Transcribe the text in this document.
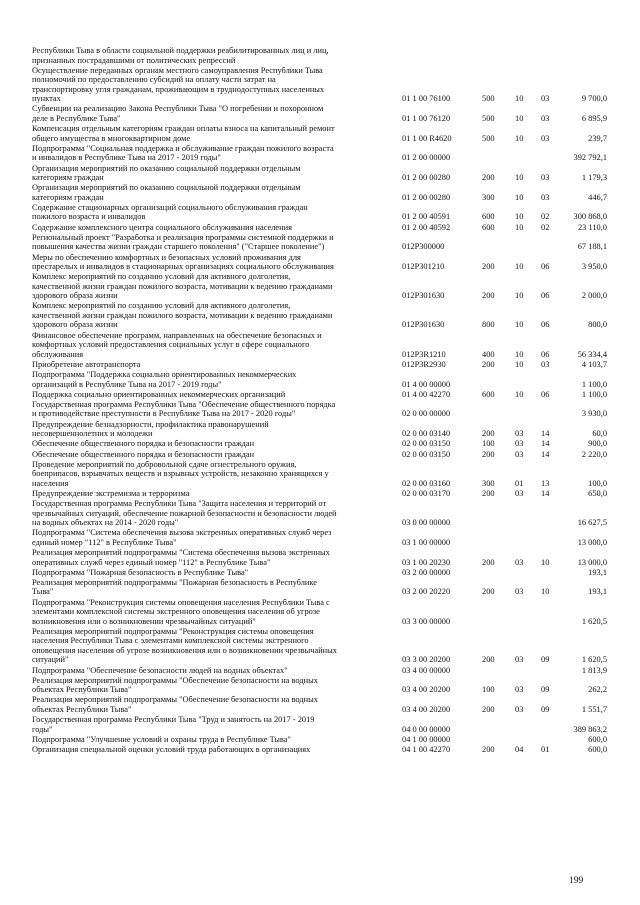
Республики Тыва в области социальной поддержки реабилитированных лиц и лиц,
признанных пострадавшими от политических репрессий
Осуществление переданных органам местного самоуправления Республики Тыва
полномочий по предоставлению субсидий на оплату части затрат на
транспортировку угля гражданам, проживающим в труднодоступных населенных
пунктах	01 1 00 76100	500 10 03	9 700,0
Субвенции на реализацию Закона Республики Тыва "О погребении и похоронном
деле в Республике Тыва"	01 1 00 76120	500 10 03	6 895,9
Компенсация отдельным категориям граждан оплаты взноса на капитальный ремонт
общего имущества в многоквартирном доме	01 1 00 R4620	500 10 03	239,7
Подпрограмма "Социальная поддержка и обслуживание граждан пожилого возраста
и инвалидов в Республике Тыва на 2017 - 2019 годы"	01 2 00 00000	392 792,1
Организация мероприятий по оказанию социальной поддержки отдельным
категориям граждан	01 2 00 00280	200 10 03	1 179,3
Организация мероприятий по оказанию социальной поддержки отдельным
категориям граждан	01 2 00 00280	300 10 03	446,7
Содержание стационарных организаций социального обслуживания граждан
пожилого возраста и инвалидов	01 2 00 40591	600 10 02	300 868,0
Содержание комплексного центра социального обслуживания населения	01 2 00 40592	600 10 02	23 110,0
Региональный проект "Разработка и реализация программы системной поддержки и
повышения качества жизни граждан старшего поколения" ("Старшее поколение")	012P300000	67 188,1
Меры по обеспечению комфортных и безопасных условий проживания для
престарелых и инвалидов в стационарных организациях социального обслуживания	012P301210	200 10 06	3 950,0
Комплекс мероприятий по созданию условий для активного долголетия,
качественной жизни граждан пожилого возраста, мотивации к ведению гражданами
здорового образа жизни	012P301630	200 10 06	2 000,0
Комплекс мероприятий по созданию условий для активного долголетия,
качественной жизни граждан пожилого возраста, мотивации к ведению гражданами
здорового образа жизни	012P301630	800 10 06	800,0
Финансовое обеспечение программ, направленных на обеспечение безопасных и
комфортных условий предоставления социальных услуг в сфере социального
обслуживания	012P3R1210	400 10 06	56 334,4
Приобретение автотранспорта	012P3R2930	200 10 03	4 103,7
Подпрограмма "Поддержка социально ориентированных некоммерческих
организаций в Республике Тыва на 2017 - 2019 годы"	01 4 00 00000	1 100,0
Поддержка социально ориентированных некоммерческих организаций	01 4 00 42270	600 10 06	1 100,0
Государственная программа Республики Тыва "Обеспечение общественного порядка
и противодействие преступности в Республике Тыва на 2017 - 2020 годы"	02 0 00 00000	3 930,0
Предупреждение безнадзорности, профилактика правонарушений
несовершеннолетних и молодежи	02 0 00 03140	200 03 14	60,0
Обеспечение общественного порядка и безопасности граждан	02 0 00 03150	100 03 14	900,0
Обеспечение общественного порядка и безопасности граждан	02 0 00 03150	200 03 14	2 220,0
Проведение мероприятий по добровольной сдаче огнестрельного оружия,
боеприпасов, взрывчатых веществ и взрывных устройств, незаконно хранящихся у
населения	02 0 00 03160	300 01 13	100,0
Предупреждение экстремизма и терроризма	02 0 00 03170	200 03 14	650,0
Государственная программа Республики Тыва "Защита населения и территорий от
чрезвычайных ситуаций, обеспечение пожарной безопасности и безопасности людей
на водных объектах на 2014 - 2020 годы"	03 0 00 00000	16 627,5
Подпрограмма "Система обеспечения вызова экстренных оперативных служб через
единый номер "112" в Республике Тыва"	03 1 00 00000	13 000,0
Реализация мероприятий подпрограммы "Система обеспечения вызова экстренных
оперативных служб через единый номер "112" в Республике Тыва"	03 1 00 20230	200 03 10	13 000,0
Подпрограмма "Пожарная безопасность в Республике Тыва"	03 2 00 00000	193,1
Реализация мероприятий подпрограммы "Пожарная безопасность в Республике
Тыва"	03 2 00 20220	200 03 10	193,1
Подпрограмма "Реконструкция системы оповещения населения Республики Тыва с
элементами комплексной системы экстренного оповещения населения об угрозе
возникновения или о возникновении чрезвычайных ситуаций"	03 3 00 00000	1 620,5
Реализация мероприятий подпрограммы "Реконструкция системы оповещения
населения Республики Тыва с элементами комплексной системы экстренного
оповещения населения об угрозе возникновения или о возникновении чрезвычайных
ситуаций"	03 3 00 20200	200 03 09	1 620,5
Подпрограмма "Обеспечение безопасности людей на водных объектах"	03 4 00 00000	1 813,9
Реализация мероприятий подпрограммы "Обеспечение безопасности на водных
объектах Республики Тыва"	03 4 00 20200	100 03 09	262,2
Реализация мероприятий подпрограммы "Обеспечение безопасности на водных
объектах Республики Тыва"	03 4 00 20200	200 03 09	1 551,7
Государственная программа Республики Тыва "Труд и занятость на 2017 - 2019
годы"	04 0 00 00000	389 863,2
Подпрограмма "Улучшение условий и охраны труда в Республике Тыва"	04 1 00 00000	600,0
Организация специальной оценки условий труда работающих в организациях	04 1 00 42270	200 04 01	600,0
199
